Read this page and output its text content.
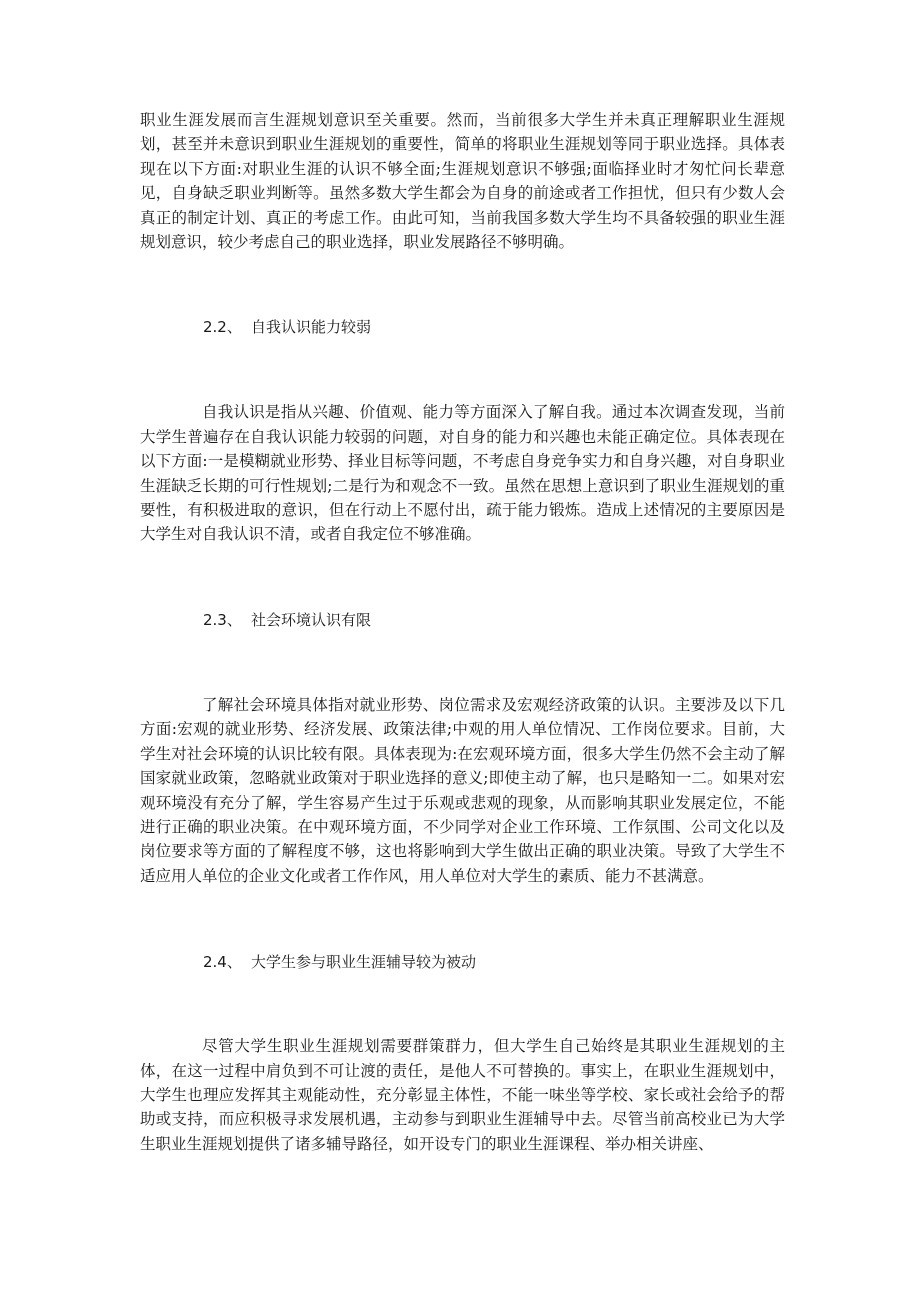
职业生涯发展而言生涯规划意识至关重要。然而，当前很多大学生并未真正理解职业生涯规划，甚至并未意识到职业生涯规划的重要性，简单的将职业生涯规划等同于职业选择。具体表现在以下方面:对职业生涯的认识不够全面;生涯规划意识不够强;面临择业时才匆忙问长辈意见，自身缺乏职业判断等。虽然多数大学生都会为自身的前途或者工作担忧，但只有少数人会真正的制定计划、真正的考虑工作。由此可知，当前我国多数大学生均不具备较强的职业生涯规划意识，较少考虑自己的职业选择，职业发展路径不够明确。

2.2、 自我认识能力较弱

自我认识是指从兴趣、价值观、能力等方面深入了解自我。通过本次调查发现，当前大学生普遍存在自我认识能力较弱的问题，对自身的能力和兴趣也未能正确定位。具体表现在以下方面:一是模糊就业形势、择业目标等问题，不考虑自身竞争实力和自身兴趣，对自身职业生涯缺乏长期的可行性规划;二是行为和观念不一致。虽然在思想上意识到了职业生涯规划的重要性，有积极进取的意识，但在行动上不愿付出，疏于能力锻炼。造成上述情况的主要原因是大学生对自我认识不清，或者自我定位不够准确。

2.3、 社会环境认识有限

了解社会环境具体指对就业形势、岗位需求及宏观经济政策的认识。主要涉及以下几方面:宏观的就业形势、经济发展、政策法律;中观的用人单位情况、工作岗位要求。目前，大学生对社会环境的认识比较有限。具体表现为:在宏观环境方面，很多大学生仍然不会主动了解国家就业政策，忽略就业政策对于职业选择的意义;即使主动了解，也只是略知一二。如果对宏观环境没有充分了解，学生容易产生过于乐观或悲观的现象，从而影响其职业发展定位，不能进行正确的职业决策。在中观环境方面，不少同学对企业工作环境、工作氛围、公司文化以及岗位要求等方面的了解程度不够，这也将影响到大学生做出正确的职业决策。导致了大学生不适应用人单位的企业文化或者工作作风，用人单位对大学生的素质、能力不甚满意。

2.4、 大学生参与职业生涯辅导较为被动

尽管大学生职业生涯规划需要群策群力，但大学生自己始终是其职业生涯规划的主体，在这一过程中肩负到不可让渡的责任，是他人不可替换的。事实上，在职业生涯规划中，大学生也理应发挥其主观能动性，充分彰显主体性，不能一味坐等学校、家长或社会给予的帮助或支持，而应积极寻求发展机遇，主动参与到职业生涯辅导中去。尽管当前高校业已为大学生职业生涯规划提供了诸多辅导路径，如开设专门的职业生涯课程、举办相关讲座、
